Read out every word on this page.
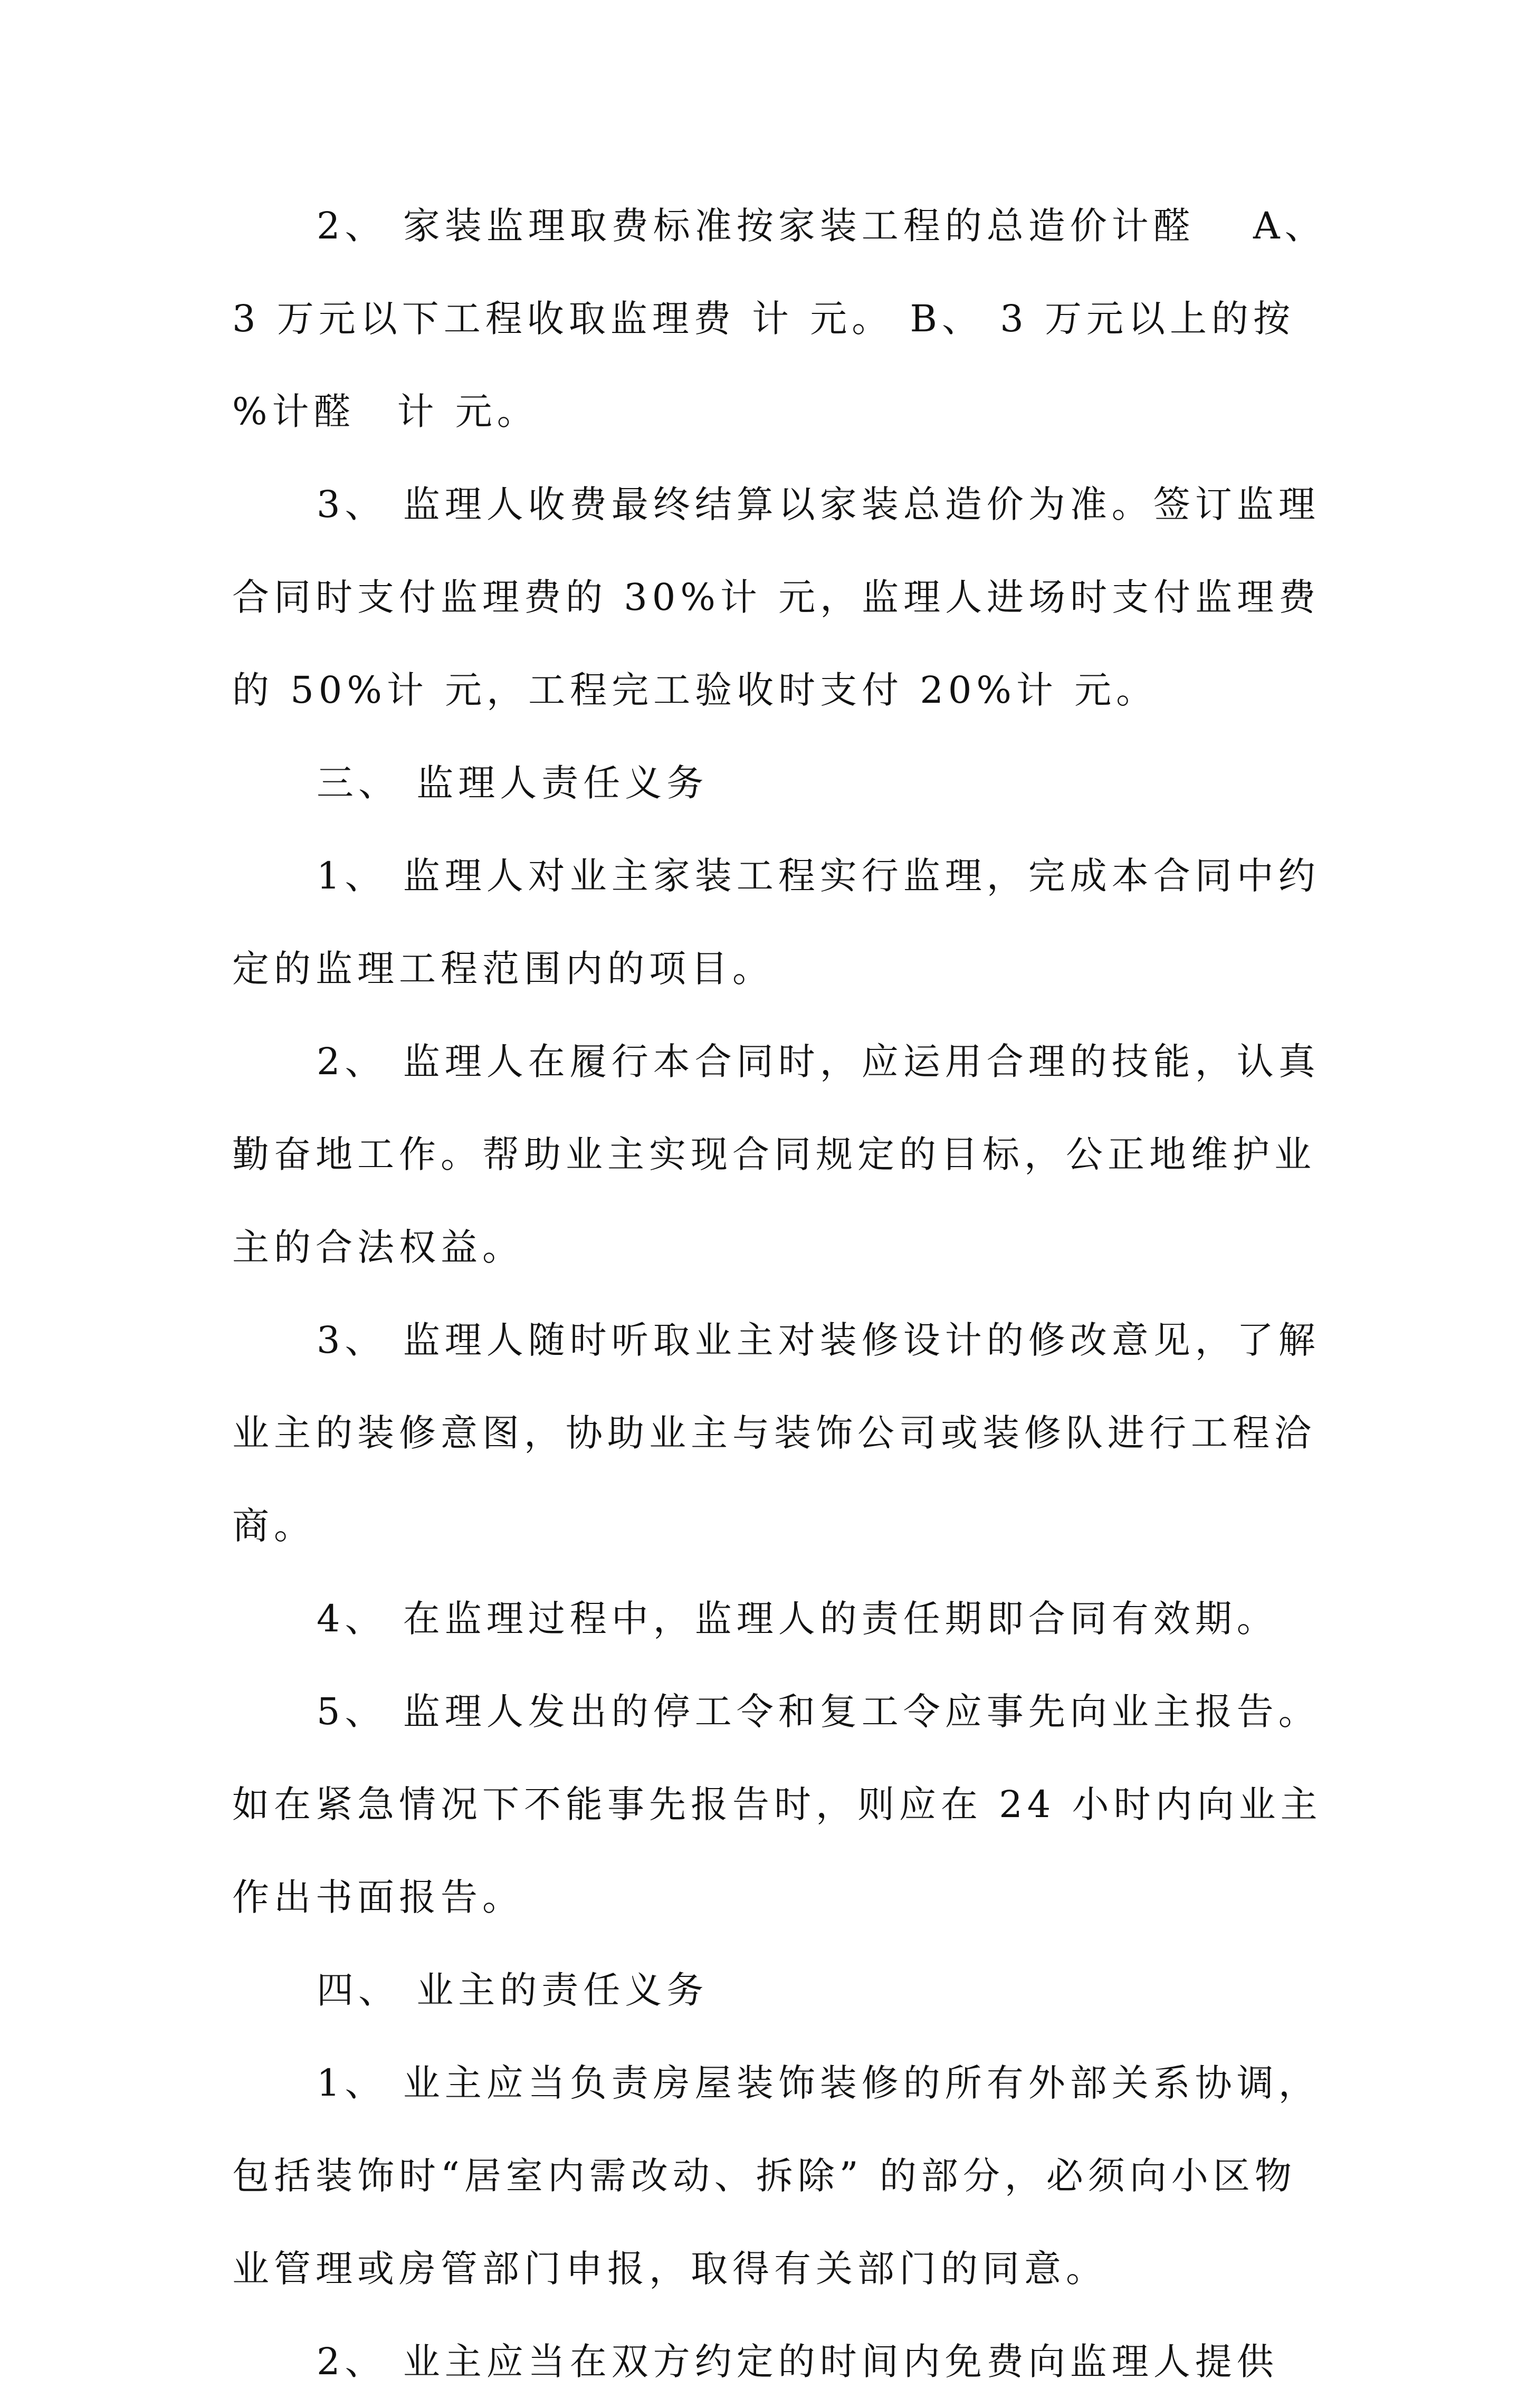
2、 家装监理取费标准按家装工程的总造价计醛　 A、3 万元以下工程收取监理费 计 元。 B、 3 万元以上的按 %计醛　计 元。

3、 监理人收费最终结算以家装总造价为准。签订监理合同时支付监理费的 30%计 元，监理人进场时支付监理费的 50%计 元，工程完工验收时支付 20%计 元。

三、 监理人责任义务

1、 监理人对业主家装工程实行监理，完成本合同中约定的监理工程范围内的项目。

2、 监理人在履行本合同时，应运用合理的技能，认真勤奋地工作。帮助业主实现合同规定的目标，公正地维护业主的合法权益。

3、 监理人随时听取业主对装修设计的修改意见，了解业主的装修意图，协助业主与装饰公司或装修队进行工程洽商。

4、 在监理过程中，监理人的责任期即合同有效期。

5、 监理人发出的停工令和复工令应事先向业主报告。如在紧急情况下不能事先报告时，则应在 24 小时内向业主作出书面报告。

四、 业主的责任义务

1、 业主应当负责房屋装饰装修的所有外部关系协调，包括装饰时“居室内需改动、拆除” 的部分，必须向小区物业管理或房管部门申报，取得有关部门的同意。

2、 业主应当在双方约定的时间内免费向监理人提供
